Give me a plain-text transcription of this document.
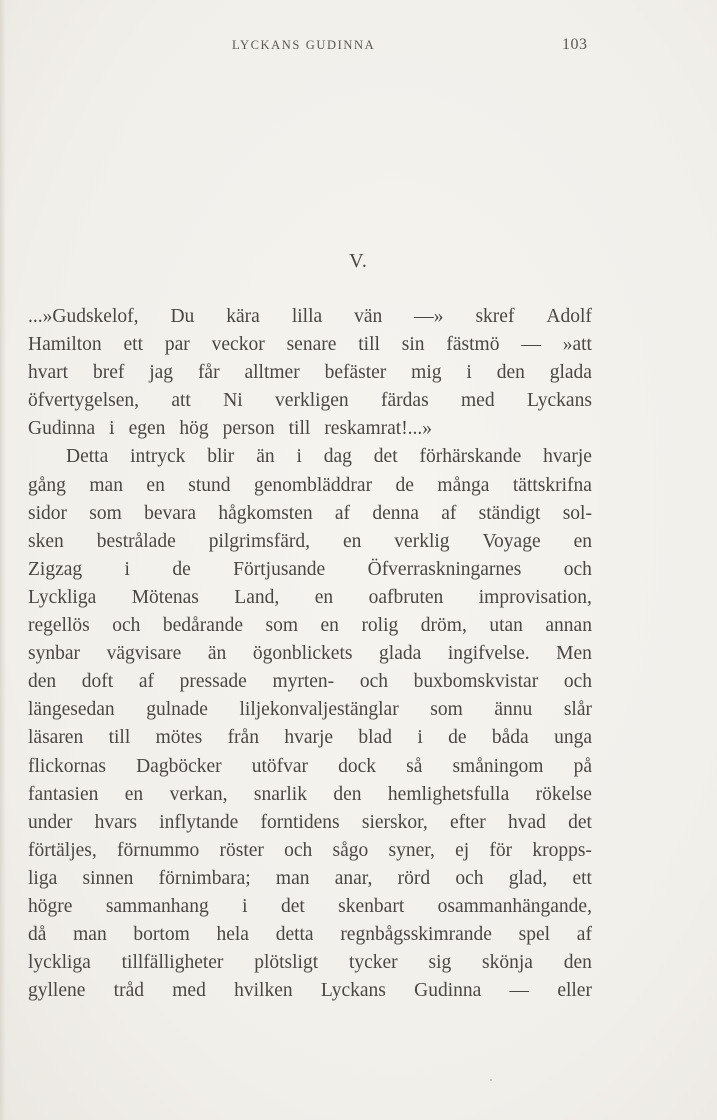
LYCKANS GUDINNA	103
V.
...»Gudskelof, Du kära lilla vän —» skref Adolf
Hamilton ett par veckor senare till sin fästmö — »att
hvart bref jag får alltmer befäster mig i den glada
öfvertygelsen, att Ni verkligen färdas med Lyckans
Gudinna i egen hög person till reskamrat!...»
Detta intryck blir än i dag det förhärskande hvarje
gång man en stund genombläddrar de många tättskrifna
sidor som bevara hågkomsten af denna af ständigt sol-
sken bestrålade pilgrimsfärd, en verklig Voyage en
Zigzag i de Förtjusande Öfverraskningarnes och
Lyckliga Mötenas Land, en oafbruten improvisation,
regellös och bedårande som en rolig dröm, utan annan
synbar vägvisare än ögonblickets glada ingifvelse. Men
den doft af pressade myrten- och buxbomskvistar och
längesedan gulnade liljekonvaljestänglar som ännu slår
läsaren till mötes från hvarje blad i de båda unga
flickornas Dagböcker utöfvar dock så småningom på
fantasien en verkan, snarlik den hemlighetsfulla rökelse
under hvars inflytande forntidens sierskor, efter hvad det
förtäljes, förnummo röster och sågo syner, ej för kropps-
liga sinnen förnimbara; man anar, rörd och glad, ett
högre sammanhang i det skenbart osammanhängande,
då man bortom hela detta regnbågsskimrande spel af
lyckliga tillfälligheter plötsligt tycker sig skönja den
gyllene tråd med hvilken Lyckans Gudinna — eller
